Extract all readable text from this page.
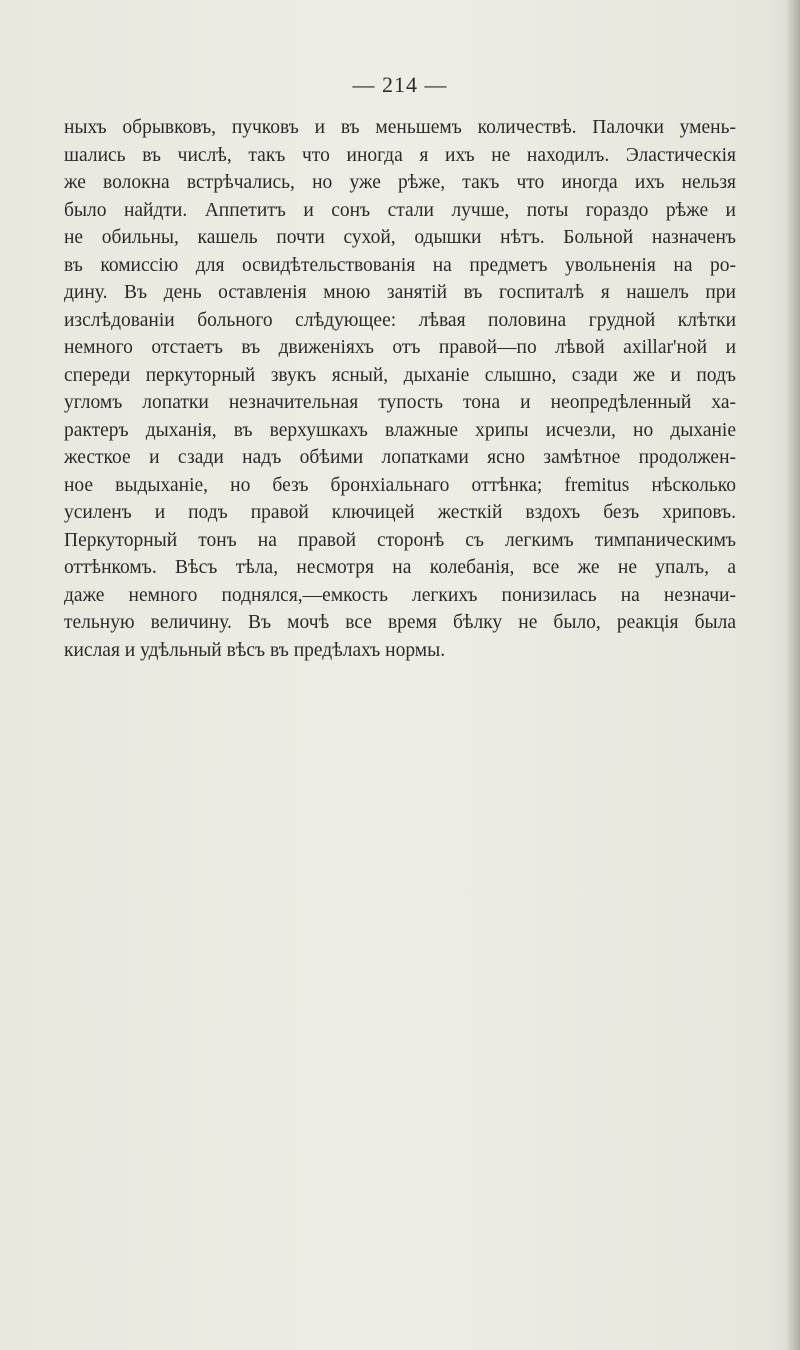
— 214 —
ныхъ обрывковъ, пучковъ и въ меньшемъ количествѣ. Палочки умень-
шались въ числѣ, такъ что иногда я ихъ не находилъ. Эластическія
же волокна встрѣчались, но уже рѣже, такъ что иногда ихъ нельзя
было найдти. Аппетитъ и сонъ стали лучше, поты гораздо рѣже и
не обильны, кашель почти сухой, одышки нѣтъ. Больной назначенъ
въ комиссію для освидѣтельствованія на предметъ увольненія на ро-
дину. Въ день оставленія мною занятій въ госпиталѣ я нашелъ при
изслѣдованіи больного слѣдующее: лѣвая половина грудной клѣтки
немного отстаетъ въ движеніяхъ отъ правой—по лѣвой axillar'ной и
спереди перкуторный звукъ ясный, дыханіе слышно, сзади же и подъ
угломъ лопатки незначительная тупость тона и неопредѣленный ха-
рактеръ дыханія, въ верхушкахъ влажные хрипы исчезли, но дыханіе
жесткое и сзади надъ обѣими лопатками ясно замѣтное продолжен-
ное выдыханіе, но безъ бронхіальнаго оттѣнка; fremitus нѣсколько
усиленъ и подъ правой ключицей жесткій вздохъ безъ хриповъ.
Перкуторный тонъ на правой сторонѣ съ легкимъ тимпаническимъ
оттѣнкомъ. Вѣсъ тѣла, несмотря на колебанія, все же не упалъ, а
даже немного поднялся,—емкость легкихъ понизилась на незначи-
тельную величину. Въ мочѣ все время бѣлку не было, реакція была
кислая и удѣльный вѣсъ въ предѣлахъ нормы.
